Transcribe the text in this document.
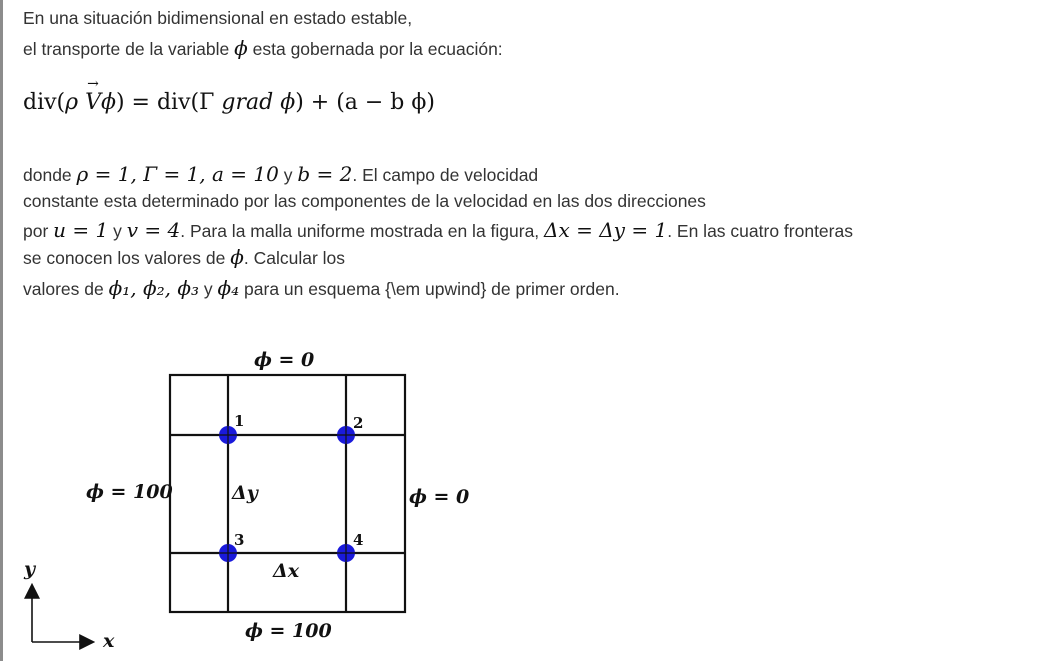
En una situación bidimensional en estado estable,
el transporte de la variable ϕ esta gobernada por la ecuación:
div(ρ → Vϕ) = div(Γ grad ϕ) + (a − b ϕ)
donde ρ = 1, Γ = 1, a = 10 y b = 2. El campo de velocidad
constante esta determinado por las componentes de la velocidad en las dos direcciones
por u = 1 y v = 4. Para la malla uniforme mostrada en la figura, Δx = Δy = 1. En las cuatro fronteras
se conocen los valores de ϕ. Calcular los
valores de ϕ₁, ϕ₂, ϕ₃ y ϕ₄ para un esquema {\em upwind} de primer orden.
1	2
3	4
ϕ = 0
ϕ = 100
ϕ = 100	ϕ = 0
Δy
Δx
y
x
